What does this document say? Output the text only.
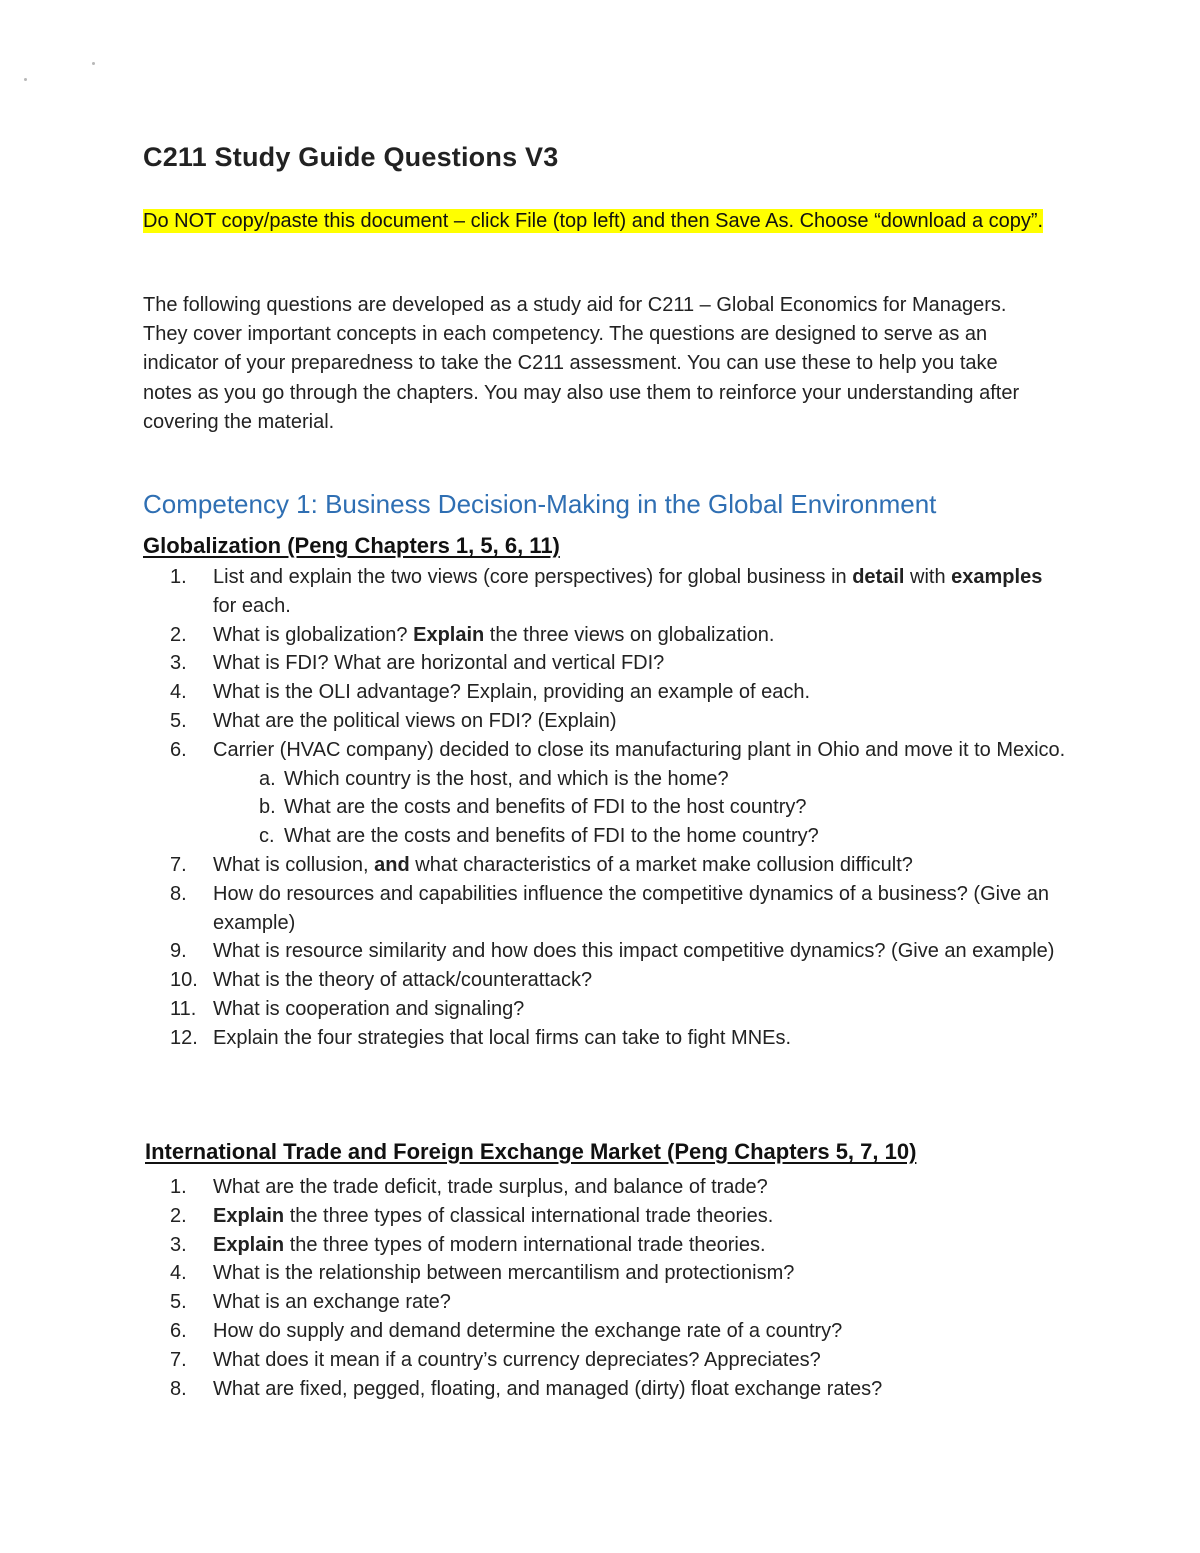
C211 Study Guide Questions V3

Do NOT copy/paste this document – click File (top left) and then Save As. Choose “download a copy”.

The following questions are developed as a study aid for C211 – Global Economics for Managers. They cover important concepts in each competency. The questions are designed to serve as an indicator of your preparedness to take the C211 assessment. You can use these to help you take notes as you go through the chapters. You may also use them to reinforce your understanding after covering the material.

Competency 1: Business Decision-Making in the Global Environment
Globalization (Peng Chapters 1, 5, 6, 11)
1. List and explain the two views (core perspectives) for global business in detail with examples for each.
2. What is globalization? Explain the three views on globalization.
3. What is FDI? What are horizontal and vertical FDI?
4. What is the OLI advantage? Explain, providing an example of each.
5. What are the political views on FDI? (Explain)
6. Carrier (HVAC company) decided to close its manufacturing plant in Ohio and move it to Mexico.
a. Which country is the host, and which is the home?
b. What are the costs and benefits of FDI to the host country?
c. What are the costs and benefits of FDI to the home country?
7. What is collusion, and what characteristics of a market make collusion difficult?
8. How do resources and capabilities influence the competitive dynamics of a business? (Give an example)
9. What is resource similarity and how does this impact competitive dynamics? (Give an example)
10. What is the theory of attack/counterattack?
11. What is cooperation and signaling?
12. Explain the four strategies that local firms can take to fight MNEs.
International Trade and Foreign Exchange Market (Peng Chapters 5, 7, 10)
1. What are the trade deficit, trade surplus, and balance of trade?
2. Explain the three types of classical international trade theories.
3. Explain the three types of modern international trade theories.
4. What is the relationship between mercantilism and protectionism?
5. What is an exchange rate?
6. How do supply and demand determine the exchange rate of a country?
7. What does it mean if a country’s currency depreciates? Appreciates?
8. What are fixed, pegged, floating, and managed (dirty) float exchange rates?
